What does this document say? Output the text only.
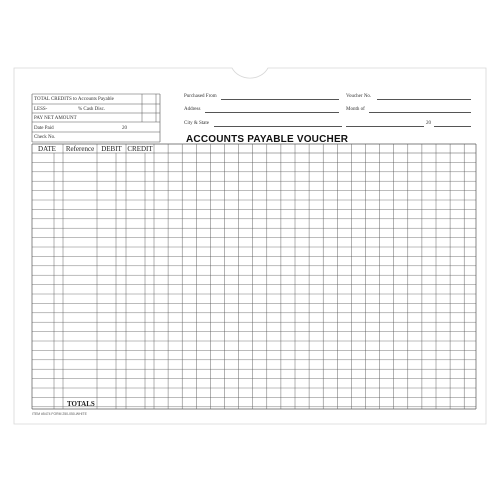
TOTAL CREDITS to Accounts Payable
LESS-	% Cash Disc.
PAY NET AMOUNT
Date Paid	20
Check No.
Purchased From	Voucher No.
Address	Month of
City & State	20
ACCOUNTS PAYABLE VOUCHER
DATE	Reference	DEBIT CREDIT
TOTALS
ITEM #5474 FORM 250-050-WHITE
